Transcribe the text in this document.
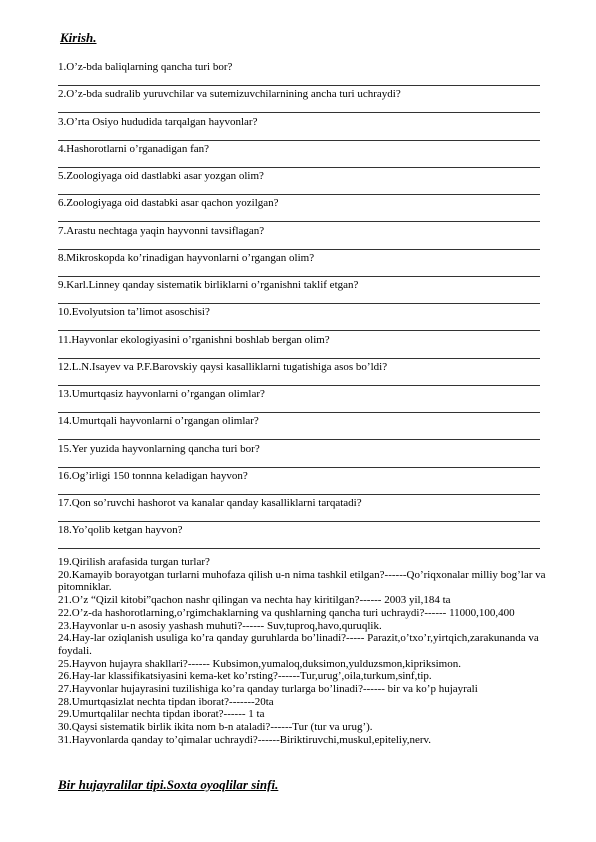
Kirish.
1.O’z-bda baliqlarning qancha turi bor?
2.O’z-bda sudralib yuruvchilar va sutemizuvchilarnining ancha turi uchraydi?
3.O’rta Osiyo hududida tarqalgan hayvonlar?
4.Hashorotlarni o’rganadigan fan?
5.Zoologiyaga oid dastlabki asar yozgan olim?
6.Zoologiyaga oid dastabki asar qachon yozilgan?
7.Arastu nechtaga yaqin hayvonni tavsiflagan?
8.Mikroskopda ko’rinadigan hayvonlarni o’rgangan olim?
9.Karl.Linney qanday sistematik birliklarni o’rganishni taklif etgan?
10.Evolyutsion ta’limot asoschisi?
11.Hayvonlar ekologiyasini o’rganishni boshlab bergan olim?
12.L.N.Isayev va P.F.Barovskiy qaysi kasalliklarni tugatishiga asos bo’ldi?
13.Umurtqasiz hayvonlarni o’rgangan olimlar?
14.Umurtqali hayvonlarni o’rgangan olimlar?
15.Yer yuzida hayvonlarning qancha turi bor?
16.Og’irligi 150 tonnna keladigan hayvon?
17.Qon so’ruvchi hashorot va kanalar qanday kasalliklarni tarqatadi?
18.Yo’qolib ketgan hayvon?
19.Qirilish arafasida turgan turlar?
20.Kamayib borayotgan turlarni muhofaza qilish u-n nima tashkil etilgan?------Qo’riqxonalar milliy bog’lar va pitomniklar.
21.O’z “Qizil kitobi”qachon nashr qilingan va nechta hay kiritilgan?------ 2003 yil,184 ta
22.O’z-da hashorotlarning,o’rgimchaklarning va qushlarning qancha turi uchraydi?------ 11000,100,400
23.Hayvonlar u-n asosiy yashash muhuti?------ Suv,tuproq,havo,quruqlik.
24.Hay-lar oziqlanish usuliga ko’ra qanday guruhlarda bo’linadi?----- Parazit,o’txo’r,yirtqich,zarakunanda va foydali.
25.Hayvon hujayra shakllari?------ Kubsimon,yumaloq,duksimon,yulduzsmon,kipriksimon.
26.Hay-lar klassifikatsiyasini kema-ket ko’rsting?------Tur,urug’,oila,turkum,sinf,tip.
27.Hayvonlar hujayrasini tuzilishiga ko’ra qanday turlarga bo’linadi?------ bir va ko’p hujayrali
28.Umurtqasizlat nechta tipdan iborat?-------20ta
29.Umurtqalilar nechta tipdan iborat?------ 1 ta
30.Qaysi sistematik birlik ikita nom b-n ataladi?------Tur (tur va urug’).
31.Hayvonlarda qanday to’qimalar uchraydi?------Biriktiruvchi,muskul,epiteliy,nerv.
Bir hujayralilar tipi.Soxta oyoqlilar sinfi.
